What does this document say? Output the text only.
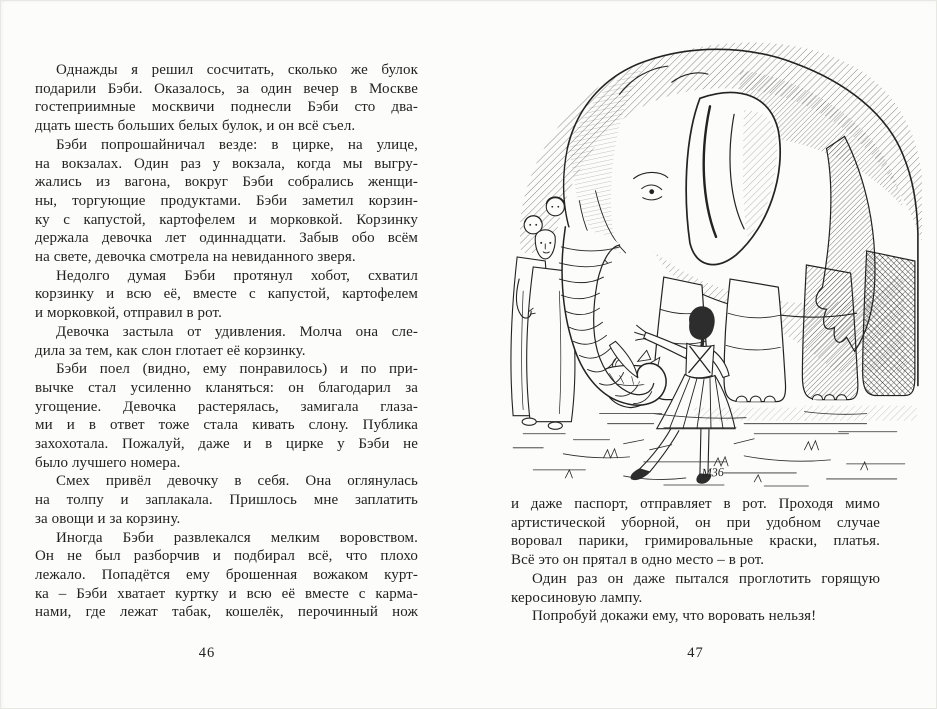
Однажды я решил сосчитать, сколько же булок
подарили Бэби. Оказалось, за один вечер в Москве
гостеприимные москвичи поднесли Бэби сто два-
дцать шесть больших белых булок, и он всё съел.
Бэби попрошайничал везде: в цирке, на улице,
на вокзалах. Один раз у вокзала, когда мы выгру-
жались из вагона, вокруг Бэби собрались женщи-
ны, торгующие продуктами. Бэби заметил корзин-
ку с капустой, картофелем и морковкой. Корзинку
держала девочка лет одиннадцати. Забыв обо всём
на свете, девочка смотрела на невиданного зверя.
Недолго думая Бэби протянул хобот, схватил
корзинку и всю её, вместе с капустой, картофелем
и морковкой, отправил в рот.
Девочка застыла от удивления. Молча она сле-
дила за тем, как слон глотает её корзинку.
Бэби поел (видно, ему понравилось) и по при-
вычке стал усиленно кланяться: он благодарил за
угощение. Девочка растерялась, замигала глаза-
ми и в ответ тоже стала кивать слону. Публика
захохотала. Пожалуй, даже и в цирке у Бэби не
было лучшего номера.
Смех привёл девочку в себя. Она оглянулась
на толпу и заплакала. Пришлось мне заплатить
за овощи и за корзину.
Иногда Бэби развлекался мелким воровством.
Он не был разборчив и подбирал всё, что плохо
лежало. Попадётся ему брошенная вожаком курт-
ка – Бэби хватает куртку и всю её вместе с карма-
нами, где лежат табак, кошелёк, перочинный нож
М36
и даже паспорт, отправляет в рот. Проходя мимо
артистической уборной, он при удобном случае
воровал парики, гримировальные краски, платья.
Всё это он прятал в одно место – в рот.
Один раз он даже пытался проглотить горящую
керосиновую лампу.
Попробуй докажи ему, что воровать нельзя!
46	47
